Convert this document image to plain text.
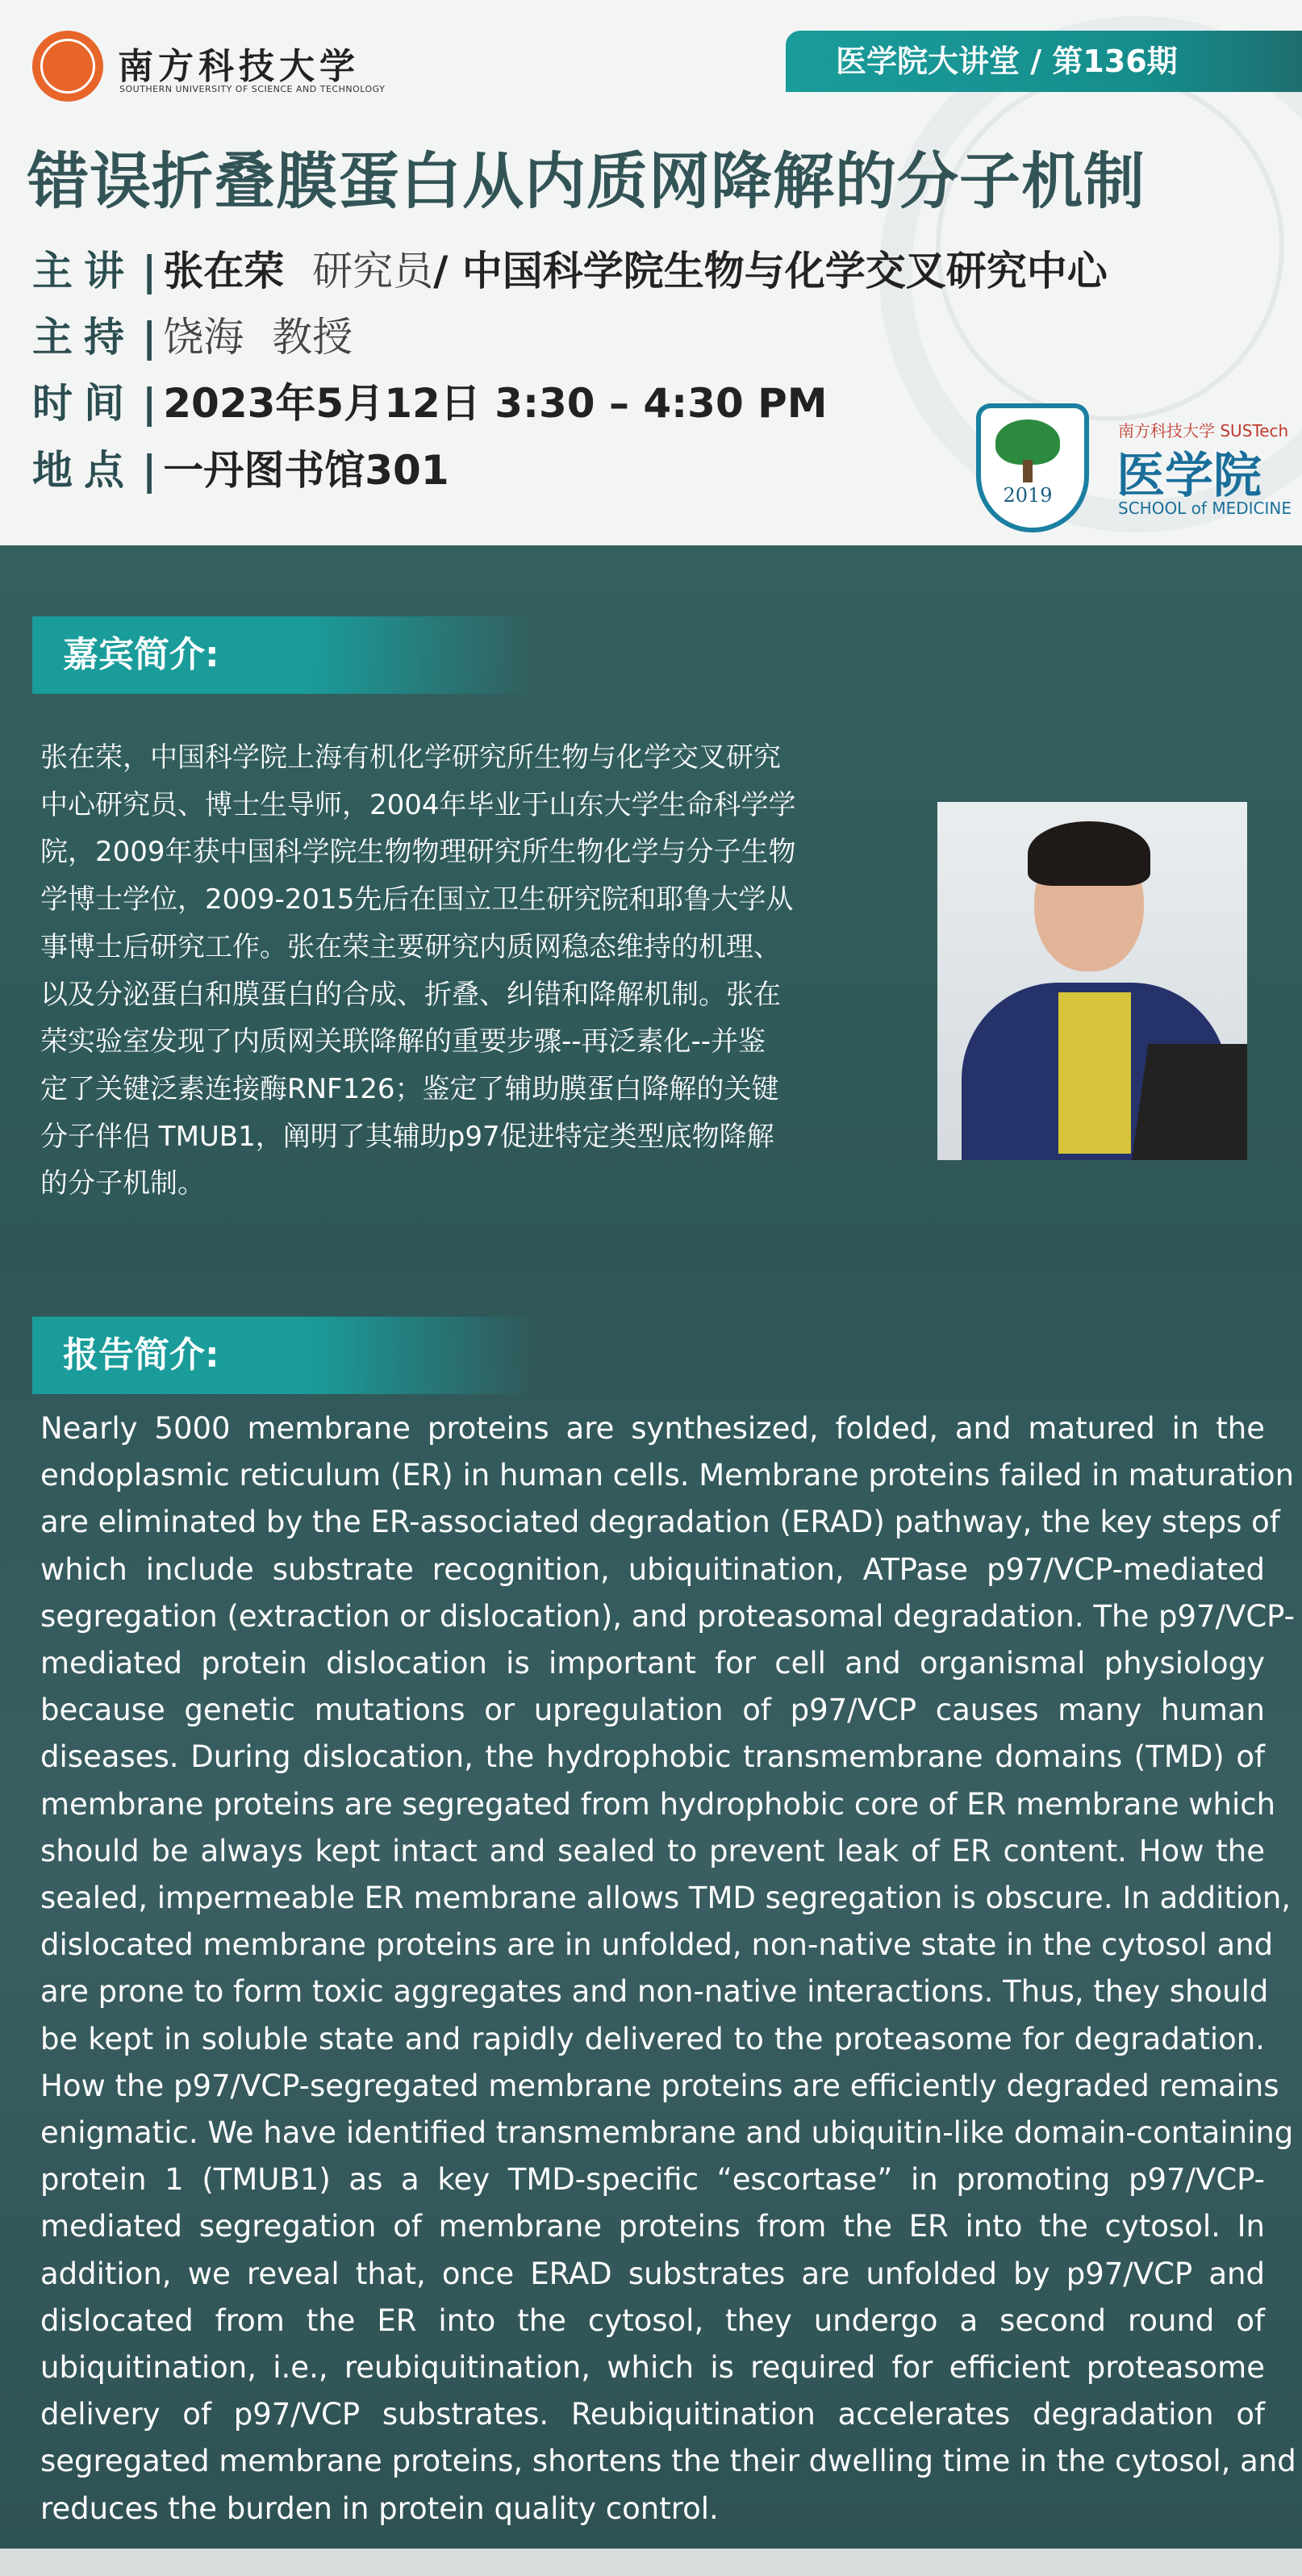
南方科技大学
SOUTHERN UNIVERSITY OF SCIENCE AND TECHNOLOGY
医学院大讲堂 / 第136期
错误折叠膜蛋白从内质网降解的分子机制
主讲 | 张在荣 研究员/ 中国科学院生物与化学交叉研究中心
主持 | 饶海 教授
时间 | 2023年5月12日 3:30 – 4:30 PM
地点 | 一丹图书馆301
2019
南方科技大学 SUSTech
医学院
SCHOOL of MEDICINE
嘉宾简介:
张在荣，中国科学院上海有机化学研究所生物与化学交叉研究
中心研究员、博士生导师，2004年毕业于山东大学生命科学学
院，2009年获中国科学院生物物理研究所生物化学与分子生物
学博士学位，2009-2015先后在国立卫生研究院和耶鲁大学从
事博士后研究工作。张在荣主要研究内质网稳态维持的机理、
以及分泌蛋白和膜蛋白的合成、折叠、纠错和降解机制。张在
荣实验室发现了内质网关联降解的重要步骤--再泛素化--并鉴
定了关键泛素连接酶RNF126；鉴定了辅助膜蛋白降解的关键
分子伴侣 TMUB1，阐明了其辅助p97促进特定类型底物降解
的分子机制。
报告简介:
Nearly 5000 membrane proteins are synthesized, folded, and matured in the
endoplasmic reticulum (ER) in human cells. Membrane proteins failed in maturation
are eliminated by the ER-associated degradation (ERAD) pathway, the key steps of
which include substrate recognition, ubiquitination, ATPase p97/VCP-mediated
segregation (extraction or dislocation), and proteasomal degradation. The p97/VCP-
mediated protein dislocation is important for cell and organismal physiology
because genetic mutations or upregulation of p97/VCP causes many human
diseases. During dislocation, the hydrophobic transmembrane domains (TMD) of
membrane proteins are segregated from hydrophobic core of ER membrane which
should be always kept intact and sealed to prevent leak of ER content. How the
sealed, impermeable ER membrane allows TMD segregation is obscure. In addition,
dislocated membrane proteins are in unfolded, non-native state in the cytosol and
are prone to form toxic aggregates and non-native interactions. Thus, they should
be kept in soluble state and rapidly delivered to the proteasome for degradation.
How the p97/VCP-segregated membrane proteins are efficiently degraded remains
enigmatic. We have identified transmembrane and ubiquitin-like domain-containing
protein 1 (TMUB1) as a key TMD-specific “escortase” in promoting p97/VCP-
mediated segregation of membrane proteins from the ER into the cytosol. In
addition, we reveal that, once ERAD substrates are unfolded by p97/VCP and
dislocated from the ER into the cytosol, they undergo a second round of
ubiquitination, i.e., reubiquitination, which is required for efficient proteasome
delivery of p97/VCP substrates. Reubiquitination accelerates degradation of
segregated membrane proteins, shortens the their dwelling time in the cytosol, and
reduces the burden in protein quality control.
